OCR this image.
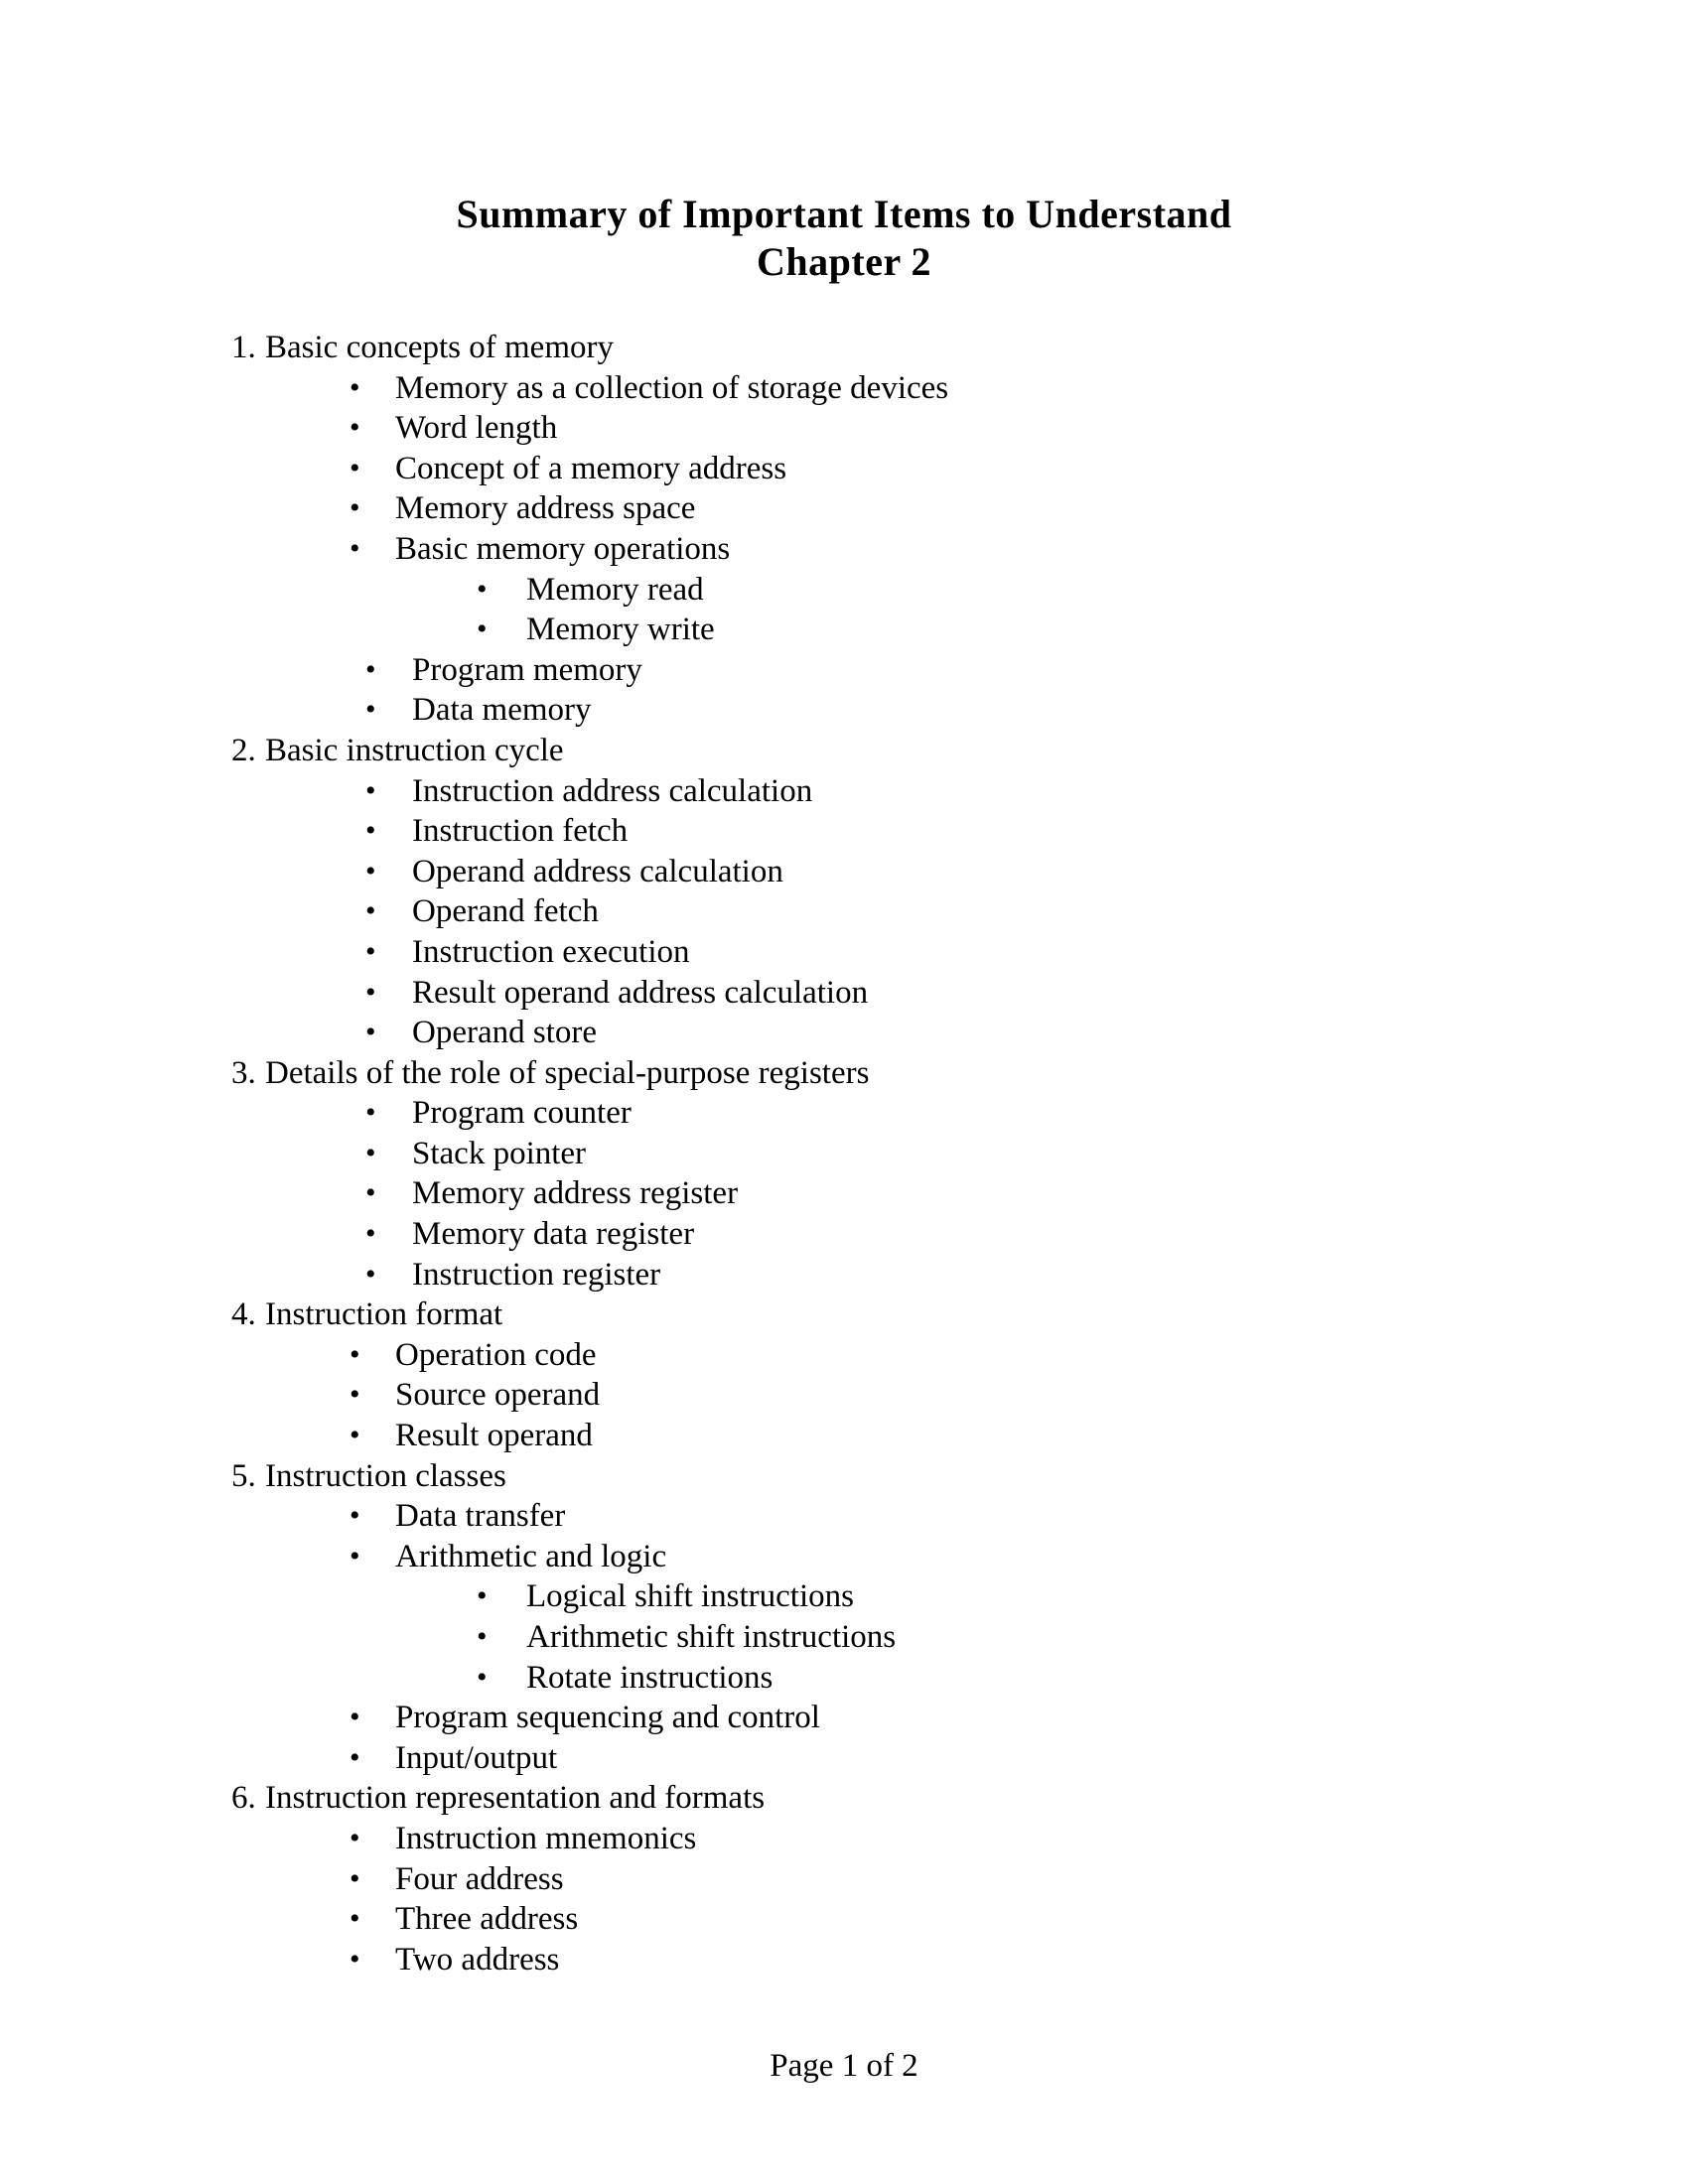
Summary of Important Items to Understand
Chapter 2
1. Basic concepts of memory
• Memory as a collection of storage devices
• Word length
• Concept of a memory address
• Memory address space
• Basic memory operations
• Memory read
• Memory write
• Program memory
• Data memory
2. Basic instruction cycle
• Instruction address calculation
• Instruction fetch
• Operand address calculation
• Operand fetch
• Instruction execution
• Result operand address calculation
• Operand store
3. Details of the role of special-purpose registers
• Program counter
• Stack pointer
• Memory address register
• Memory data register
• Instruction register
4. Instruction format
• Operation code
• Source operand
• Result operand
5. Instruction classes
• Data transfer
• Arithmetic and logic
• Logical shift instructions
• Arithmetic shift instructions
• Rotate instructions
• Program sequencing and control
• Input/output
6. Instruction representation and formats
• Instruction mnemonics
• Four address
• Three address
• Two address
Page 1 of 2
